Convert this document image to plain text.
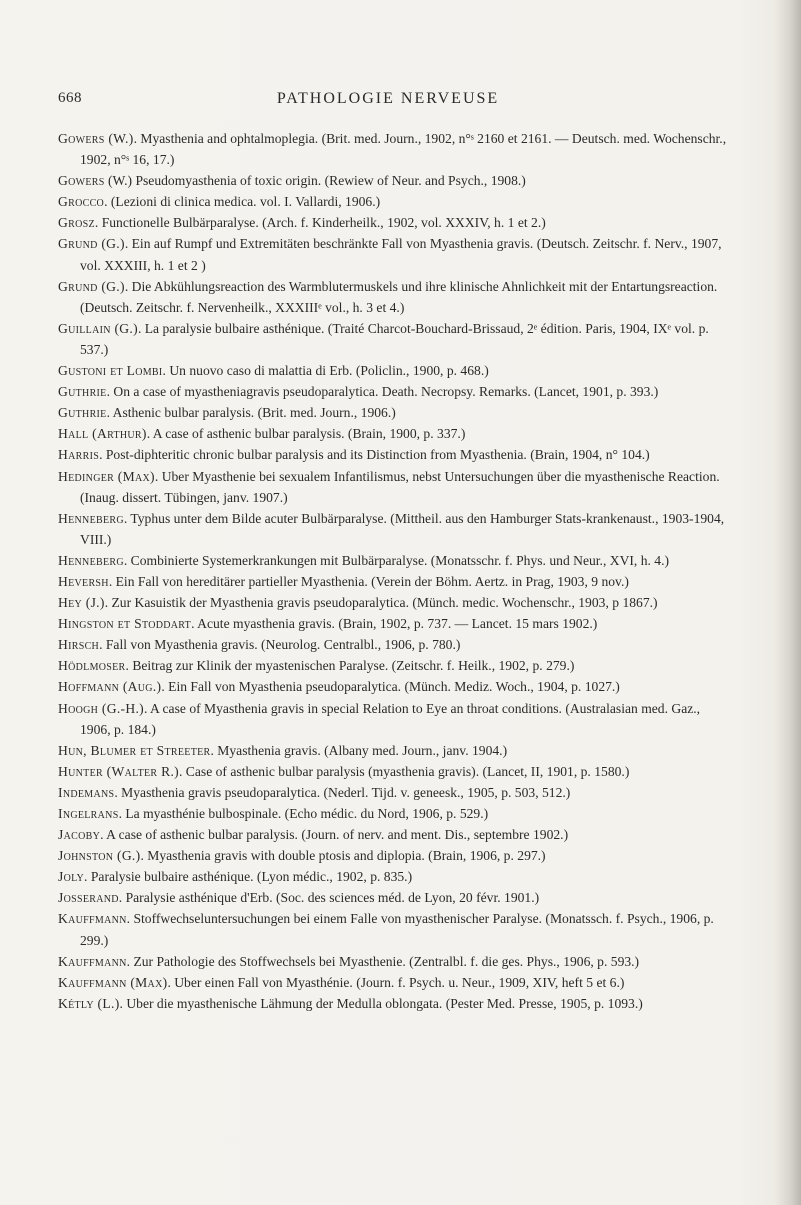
668	PATHOLOGIE NERVEUSE

Gowers (W.). Myasthenia and ophtalmoplegia. (Brit. med. Journ., 1902, n°ˢ 2160 et 2161. — Deutsch. med. Wochenschr., 1902, n°ˢ 16, 17.)

Gowers (W.) Pseudomyasthenia of toxic origin. (Rewiew of Neur. and Psych., 1908.)

Grocco. (Lezioni di clinica medica. vol. I. Vallardi, 1906.)

Grosz. Functionelle Bulbärparalyse. (Arch. f. Kinderheilk., 1902, vol. XXXIV, h. 1 et 2.)

Grund (G.). Ein auf Rumpf und Extremitäten beschränkte Fall von Myasthenia gravis. (Deutsch. Zeitschr. f. Nerv., 1907, vol. XXXIII, h. 1 et 2 )

Grund (G.). Die Abkühlungsreaction des Warmblutermuskels und ihre klinische Ahnlichkeit mit der Entartungsreaction. (Deutsch. Zeitschr. f. Nervenheilk., XXXIIIᵉ vol., h. 3 et 4.)

Guillain (G.). La paralysie bulbaire asthénique. (Traité Charcot-Bouchard-Brissaud, 2ᵉ édition. Paris, 1904, IXᵉ vol. p. 537.)

Gustoni et Lombi. Un nuovo caso di malattia di Erb. (Policlin., 1900, p. 468.)

Guthrie. On a case of myastheniagravis pseudoparalytica. Death. Necropsy. Remarks. (Lancet, 1901, p. 393.)

Guthrie. Asthenic bulbar paralysis. (Brit. med. Journ., 1906.)

Hall (Arthur). A case of asthenic bulbar paralysis. (Brain, 1900, p. 337.)

Harris. Post-diphteritic chronic bulbar paralysis and its Distinction from Myasthenia. (Brain, 1904, n° 104.)

Hedinger (Max). Uber Myasthenie bei sexualem Infantilismus, nebst Untersuchungen über die myasthenische Reaction. (Inaug. dissert. Tübingen, janv. 1907.)

Henneberg. Typhus unter dem Bilde acuter Bulbärparalyse. (Mittheil. aus den Hamburger Stats-krankenaust., 1903-1904, VIII.)

Henneberg. Combinierte Systemerkrankungen mit Bulbärparalyse. (Monatsschr. f. Phys. und Neur., XVI, h. 4.)

Heversh. Ein Fall von hereditärer partieller Myasthenia. (Verein der Böhm. Aertz. in Prag, 1903, 9 nov.)

Hey (J.). Zur Kasuistik der Myasthenia gravis pseudoparalytica. (Münch. medic. Wochenschr., 1903, p 1867.)

Hingston et Stoddart. Acute myasthenia gravis. (Brain, 1902, p. 737. — Lancet. 15 mars 1902.)

Hirsch. Fall von Myasthenia gravis. (Neurolog. Centralbl., 1906, p. 780.)

Hödlmoser. Beitrag zur Klinik der myastenischen Paralyse. (Zeitschr. f. Heilk., 1902, p. 279.)

Hoffmann (Aug.). Ein Fall von Myasthenia pseudoparalytica. (Münch. Mediz. Woch., 1904, p. 1027.)

Hoogh (G.-H.). A case of Myasthenia gravis in special Relation to Eye an throat conditions. (Australasian med. Gaz., 1906, p. 184.)

Hun, Blumer et Streeter. Myasthenia gravis. (Albany med. Journ., janv. 1904.)

Hunter (Walter R.). Case of asthenic bulbar paralysis (myasthenia gravis). (Lancet, II, 1901, p. 1580.)

Indemans. Myasthenia gravis pseudoparalytica. (Nederl. Tijd. v. geneesk., 1905, p. 503, 512.)

Ingelrans. La myasthénie bulbospinale. (Echo médic. du Nord, 1906, p. 529.)

Jacoby. A case of asthenic bulbar paralysis. (Journ. of nerv. and ment. Dis., septembre 1902.)

Johnston (G.). Myasthenia gravis with double ptosis and diplopia. (Brain, 1906, p. 297.)

Joly. Paralysie bulbaire asthénique. (Lyon médic., 1902, p. 835.)

Josserand. Paralysie asthénique d'Erb. (Soc. des sciences méd. de Lyon, 20 févr. 1901.)

Kauffmann. Stoffwechseluntersuchungen bei einem Falle von myasthenischer Paralyse. (Monatssch. f. Psych., 1906, p. 299.)

Kauffmann. Zur Pathologie des Stoffwechsels bei Myasthenie. (Zentralbl. f. die ges. Phys., 1906, p. 593.)

Kauffmann (Max). Uber einen Fall von Myasthénie. (Journ. f. Psych. u. Neur., 1909, XIV, heft 5 et 6.)

Kétly (L.). Uber die myasthenische Lähmung der Medulla oblongata. (Pester Med. Presse, 1905, p. 1093.)
